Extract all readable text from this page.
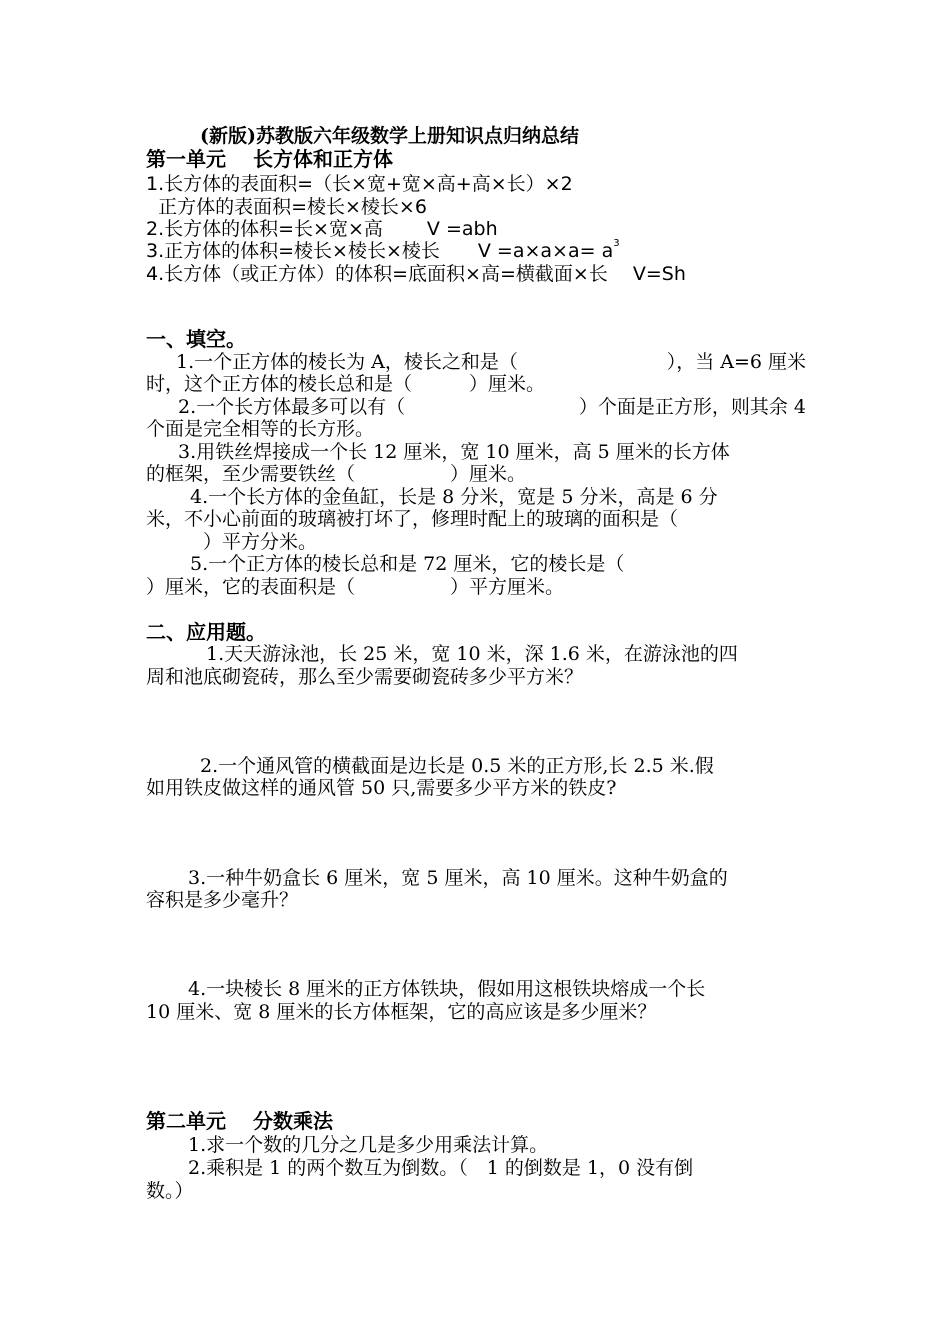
(新版)苏教版六年级数学上册知识点归纳总结
第一单元　 长方体和正方体
1.长方体的表面积=（长×宽+宽×高+高×长）×2
正方体的表面积=棱长×棱长×6
2.长方体的体积=长×宽×高　 　V =abh
3.正方体的体积=棱长×棱长×棱长　　$V =a\times a\times a= a^3$
4.长方体（或正方体）的体积=底面积×高=横截面×长　 V=Sh
一、填空。
1.一个正方体的棱长为 A，棱长之和是（	），当 A=6 厘米
时，这个正方体的棱长总和是（　　　）厘米。
2.一个长方体最多可以有（	）个面是正方形，则其余 4
个面是完全相等的长方形。
3.用铁丝焊接成一个长 12 厘米，宽 10 厘米，高 5 厘米的长方体
的框架，至少需要铁丝（　　　　　）厘米。
4.一个长方体的金鱼缸，长是 8 分米，宽是 5 分米，高是 6 分
米，不小心前面的玻璃被打坏了，修理时配上的玻璃的面积是（
　　　）平方分米。
5.一个正方体的棱长总和是 72 厘米，它的棱长是（
）厘米，它的表面积是（　　　　　）平方厘米。
二、应用题。
1.天天游泳池，长 25 米，宽 10 米，深 1.6 米，在游泳池的四
周和池底砌瓷砖，那么至少需要砌瓷砖多少平方米？
2.一个通风管的横截面是边长是 0.5 米的正方形,长 2.5 米.假
如用铁皮做这样的通风管 50 只,需要多少平方米的铁皮?
3.一种牛奶盒长 6 厘米，宽 5 厘米，高 10 厘米。这种牛奶盒的
容积是多少毫升？
4.一块棱长 8 厘米的正方体铁块，假如用这根铁块熔成一个长
10 厘米、宽 8 厘米的长方体框架，它的高应该是多少厘米？
第二单元　 分数乘法
1.求一个数的几分之几是多少用乘法计算。
2.乘积是 1 的两个数互为倒数。（　1 的倒数是 1，0 没有倒
数。）
